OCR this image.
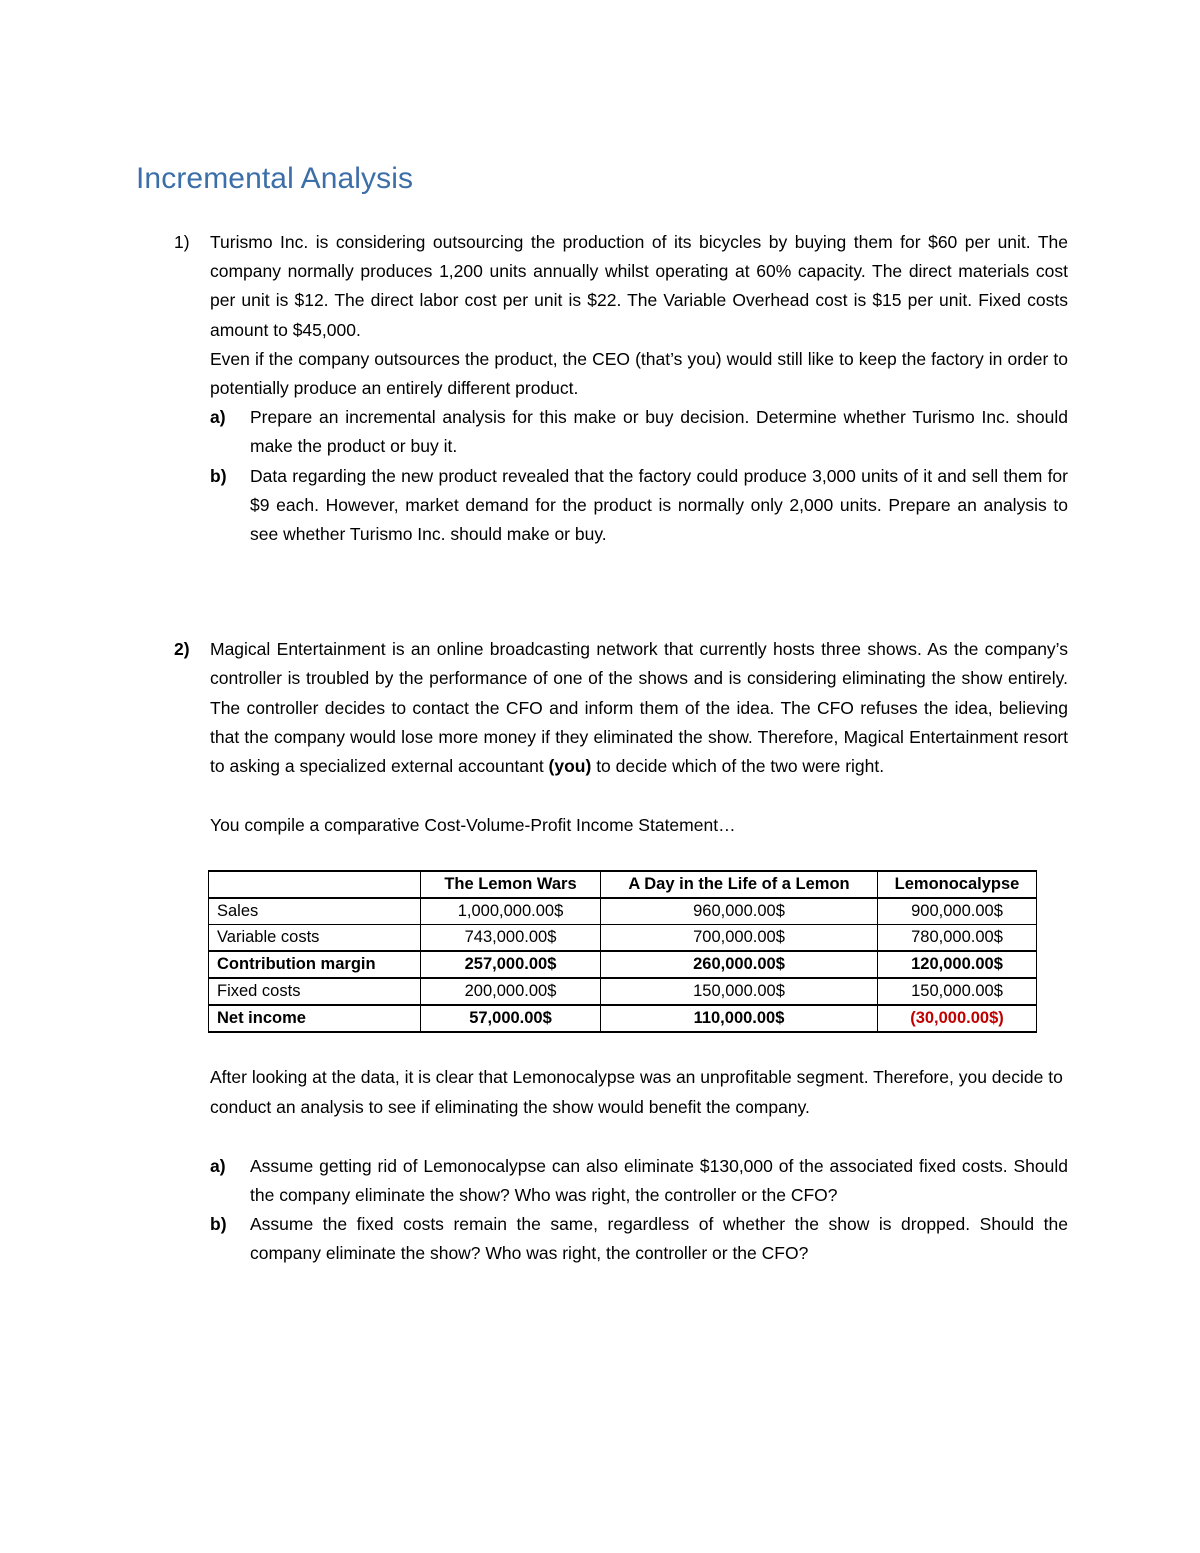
Incremental Analysis
1) Turismo Inc. is considering outsourcing the production of its bicycles by buying them for $60 per unit. The company normally produces 1,200 units annually whilst operating at 60% capacity. The direct materials cost per unit is $12. The direct labor cost per unit is $22. The Variable Overhead cost is $15 per unit. Fixed costs amount to $45,000.

Even if the company outsources the product, the CEO (that’s you) would still like to keep the factory in order to potentially produce an entirely different product.

a) Prepare an incremental analysis for this make or buy decision. Determine whether Turismo Inc. should make the product or buy it.
b) Data regarding the new product revealed that the factory could produce 3,000 units of it and sell them for $9 each. However, market demand for the product is normally only 2,000 units. Prepare an analysis to see whether Turismo Inc. should make or buy.
2) Magical Entertainment is an online broadcasting network that currently hosts three shows. As the company’s controller is troubled by the performance of one of the shows and is considering eliminating the show entirely. The controller decides to contact the CFO and inform them of the idea. The CFO refuses the idea, believing that the company would lose more money if they eliminated the show. Therefore, Magical Entertainment resort to asking a specialized external accountant (you) to decide which of the two were right.

You compile a comparative Cost-Volume-Profit Income Statement…

	The Lemon Wars	A Day in the Life of a Lemon	Lemonocalypse
Sales	1,000,000.00$	960,000.00$	900,000.00$
Variable costs	743,000.00$	700,000.00$	780,000.00$
Contribution margin	257,000.00$	260,000.00$	120,000.00$
Fixed costs	200,000.00$	150,000.00$	150,000.00$
Net income	57,000.00$	110,000.00$	(30,000.00$)

After looking at the data, it is clear that Lemonocalypse was an unprofitable segment. Therefore, you decide to conduct an analysis to see if eliminating the show would benefit the company.

a) Assume getting rid of Lemonocalypse can also eliminate $130,000 of the associated fixed costs. Should the company eliminate the show? Who was right, the controller or the CFO?
b) Assume the fixed costs remain the same, regardless of whether the show is dropped. Should the company eliminate the show? Who was right, the controller or the CFO?
